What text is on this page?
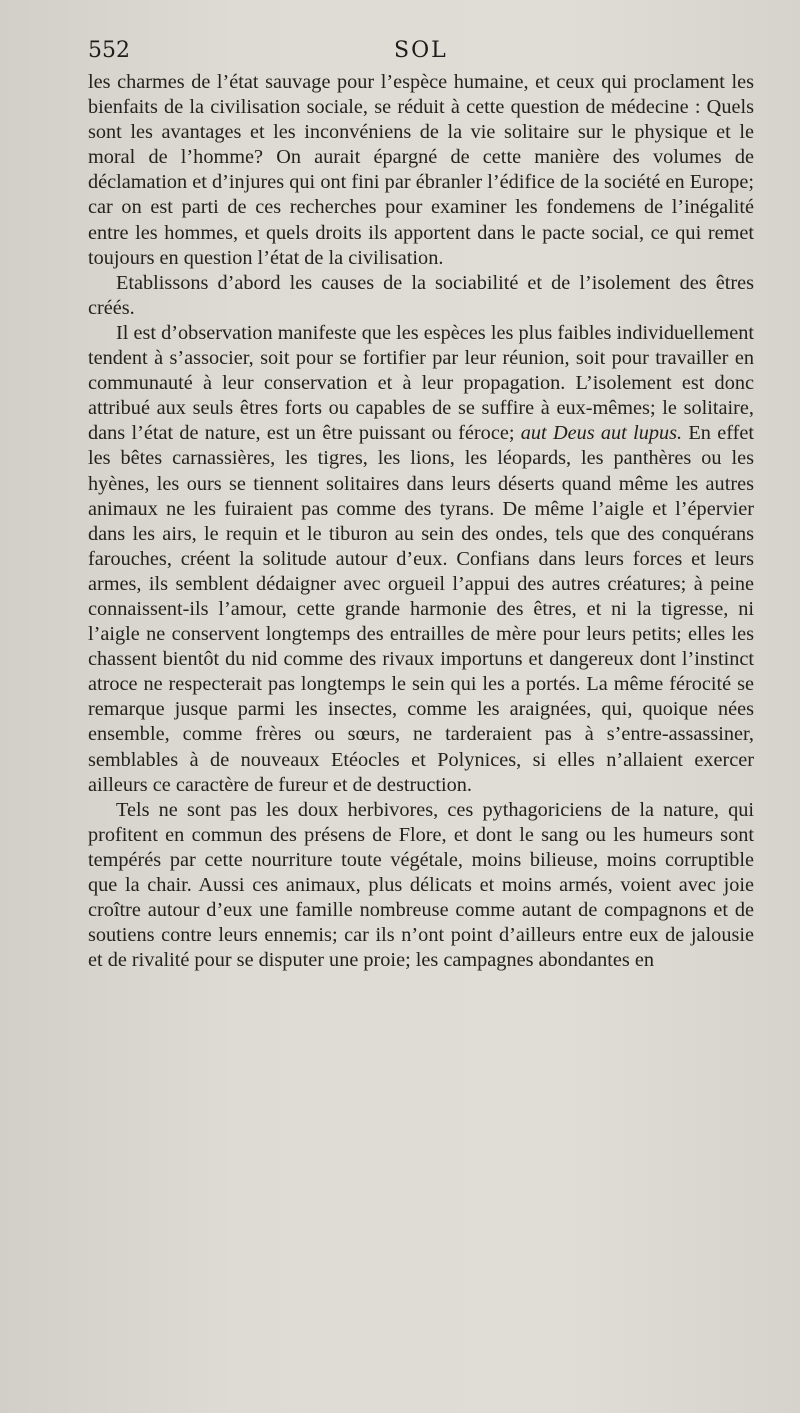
552	SOL

les charmes de l’état sauvage pour l’espèce humaine, et ceux qui proclament les bienfaits de la civilisation sociale, se réduit à cette question de médecine : Quels sont les avantages et les inconvéniens de la vie solitaire sur le physique et le moral de l’homme? On aurait épargné de cette manière des volumes de déclamation et d’injures qui ont fini par ébranler l’édifice de la société en Europe; car on est parti de ces recherches pour examiner les fondemens de l’inégalité entre les hommes, et quels droits ils apportent dans le pacte social, ce qui remet toujours en question l’état de la civilisation.

Etablissons d’abord les causes de la sociabilité et de l’isolement des êtres créés.

Il est d’observation manifeste que les espèces les plus faibles individuellement tendent à s’associer, soit pour se fortifier par leur réunion, soit pour travailler en communauté à leur conservation et à leur propagation. L’isolement est donc attribué aux seuls êtres forts ou capables de se suffire à eux-mêmes; le solitaire, dans l’état de nature, est un être puissant ou féroce; aut Deus aut lupus. En effet les bêtes carnassières, les tigres, les lions, les léopards, les panthères ou les hyènes, les ours se tiennent solitaires dans leurs déserts quand même les autres animaux ne les fuiraient pas comme des tyrans. De même l’aigle et l’épervier dans les airs, le requin et le tiburon au sein des ondes, tels que des conquérans farouches, créent la solitude autour d’eux. Confians dans leurs forces et leurs armes, ils semblent dédaigner avec orgueil l’appui des autres créatures; à peine connaissent-ils l’amour, cette grande harmonie des êtres, et ni la tigresse, ni l’aigle ne conservent longtemps des entrailles de mère pour leurs petits; elles les chassent bientôt du nid comme des rivaux importuns et dangereux dont l’instinct atroce ne respecterait pas longtemps le sein qui les a portés. La même férocité se remarque jusque parmi les insectes, comme les araignées, qui, quoique nées ensemble, comme frères ou sœurs, ne tarderaient pas à s’entre-assassiner, semblables à de nouveaux Etéocles et Polynices, si elles n’allaient exercer ailleurs ce caractère de fureur et de destruction.

Tels ne sont pas les doux herbivores, ces pythagoriciens de la nature, qui profitent en commun des présens de Flore, et dont le sang ou les humeurs sont tempérés par cette nourriture toute végétale, moins bilieuse, moins corruptible que la chair. Aussi ces animaux, plus délicats et moins armés, voient avec joie croître autour d’eux une famille nombreuse comme autant de compagnons et de soutiens contre leurs ennemis; car ils n’ont point d’ailleurs entre eux de jalousie et de rivalité pour se disputer une proie; les campagnes abondantes en
